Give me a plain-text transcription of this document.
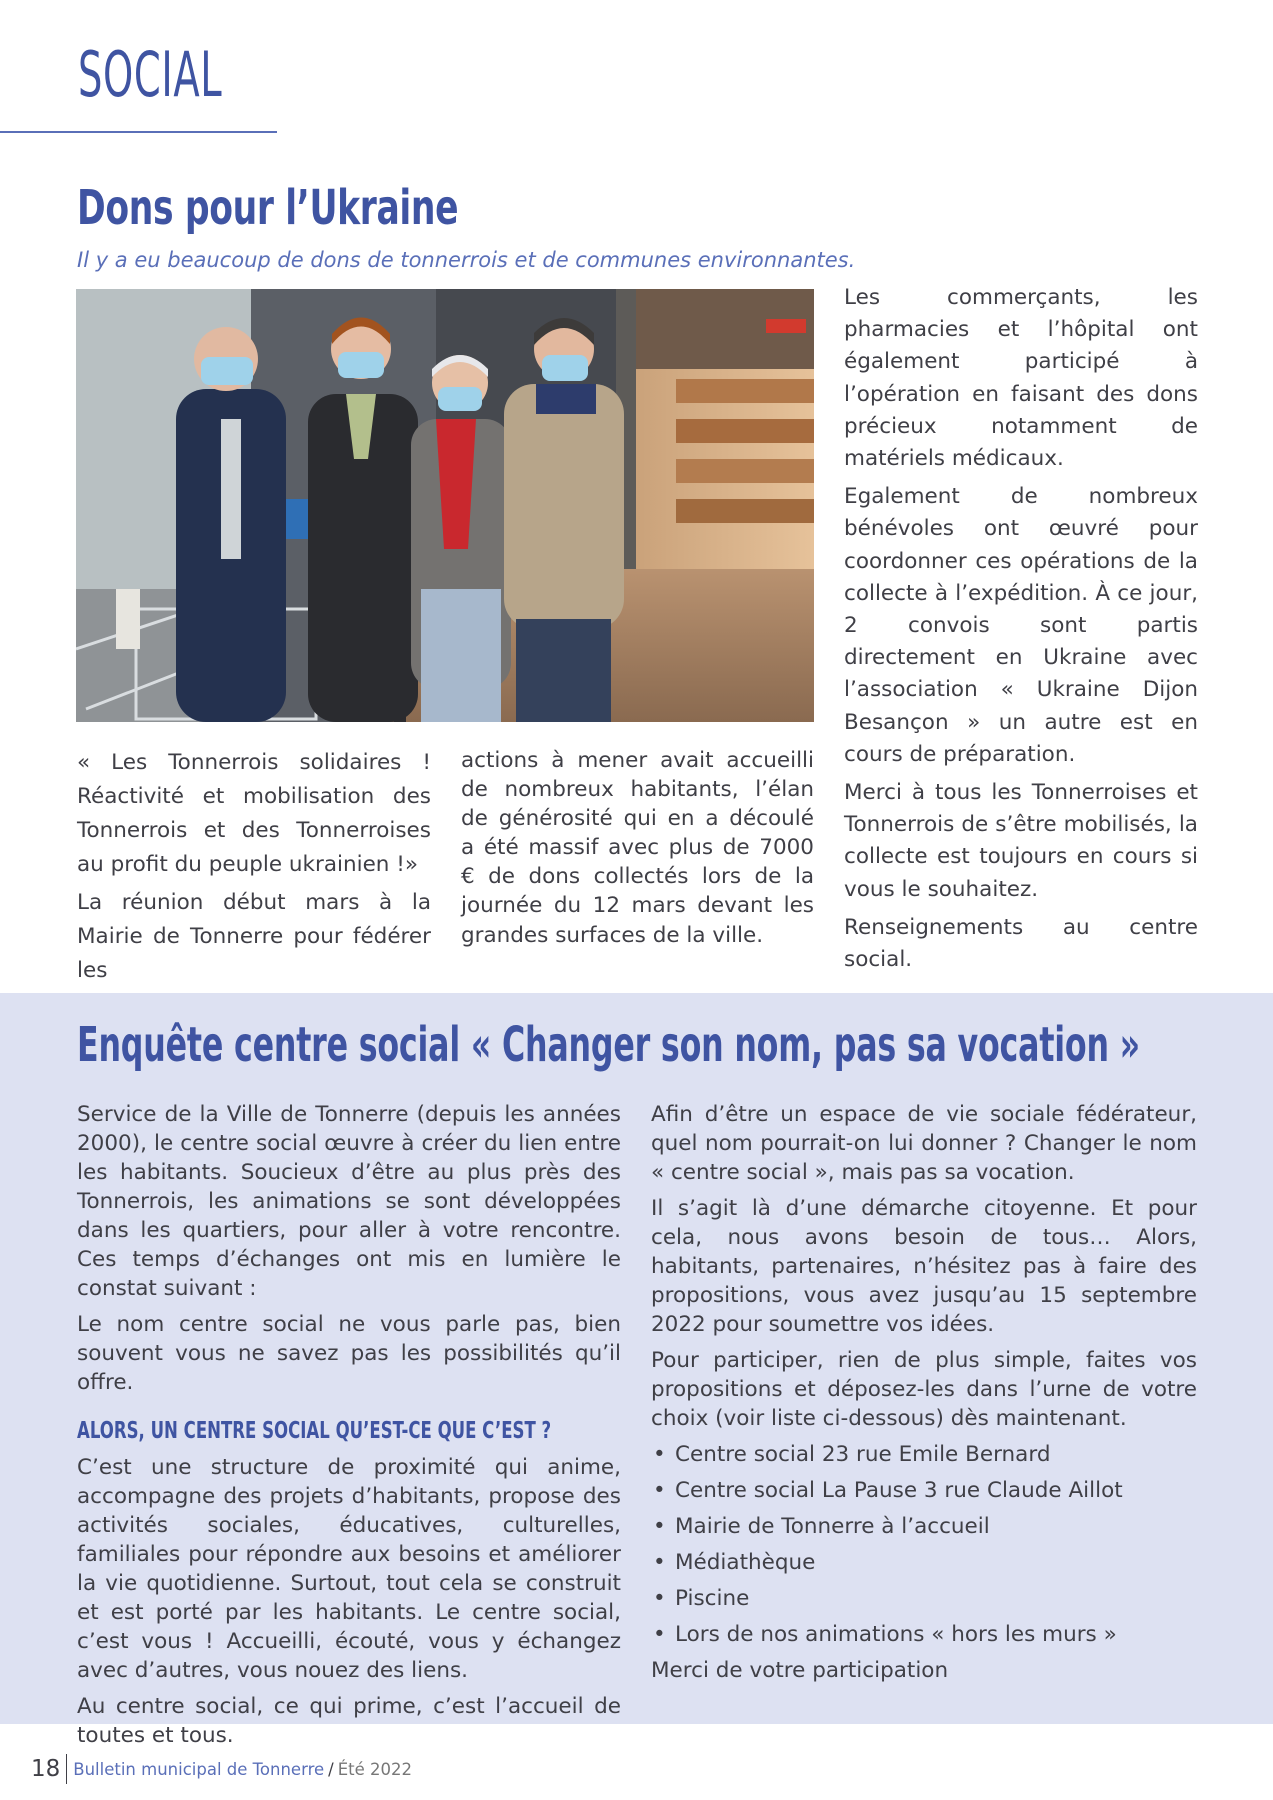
SOCIAL
Dons pour l’Ukraine

Il y a eu beaucoup de dons de tonnerrois et de communes environnantes.

Les commerçants, les pharmacies et l’hôpital ont également participé à l’opération en faisant des dons précieux notamment de matériels médicaux.

Egalement de nombreux bénévoles ont œuvré pour coordonner ces opérations de la collecte à l’expédition. À ce jour, 2 convois sont partis directement en Ukraine avec l’association « Ukraine Dijon Besançon » un autre est en cours de préparation.

Merci à tous les Tonnerroises et Tonnerrois de s’être mobilisés, la collecte est toujours en cours si vous le souhaitez.

Renseignements au centre social.

« Les Tonnerrois solidaires ! Réactivité et mobilisation des Tonnerrois et des Tonnerroises au profit du peuple ukrainien !»

La réunion début mars à la Mairie de Tonnerre pour fédérer les

actions à mener avait accueilli de nombreux habitants, l’élan de générosité qui en a découlé a été massif avec plus de 7000 € de dons collectés lors de la journée du 12 mars devant les grandes surfaces de la ville.

Enquête centre social « Changer son nom, pas sa vocation »

Service de la Ville de Tonnerre (depuis les années 2000), le centre social œuvre à créer du lien entre les habitants. Soucieux d’être au plus près des Tonnerrois, les animations se sont développées dans les quartiers, pour aller à votre rencontre. Ces temps d’échanges ont mis en lumière le constat suivant :

Le nom centre social ne vous parle pas, bien souvent vous ne savez pas les possibilités qu’il offre.

ALORS, UN CENTRE SOCIAL QU’EST-CE QUE C’EST ?

C’est une structure de proximité qui anime, accompagne des projets d’habitants, propose des activités sociales, éducatives, culturelles, familiales pour répondre aux besoins et améliorer la vie quotidienne. Surtout, tout cela se construit et est porté par les habitants. Le centre social, c’est vous ! Accueilli, écouté, vous y échangez avec d’autres, vous nouez des liens.

Au centre social, ce qui prime, c’est l’accueil de toutes et tous.

Afin d’être un espace de vie sociale fédérateur, quel nom pourrait-on lui donner ? Changer le nom « centre social », mais pas sa vocation.

Il s’agit là d’une démarche citoyenne. Et pour cela, nous avons besoin de tous… Alors, habitants, partenaires, n’hésitez pas à faire des propositions, vous avez jusqu’au 15 septembre 2022 pour soumettre vos idées.

Pour participer, rien de plus simple, faites vos propositions et déposez-les dans l’urne de votre choix (voir liste ci-dessous) dès maintenant.

• Centre social 23 rue Emile Bernard
• Centre social La Pause 3 rue Claude Aillot
• Mairie de Tonnerre à l’accueil
• Médiathèque
• Piscine
• Lors de nos animations « hors les murs »

Merci de votre participation

18 Bulletin municipal de Tonnerre / Été 2022
